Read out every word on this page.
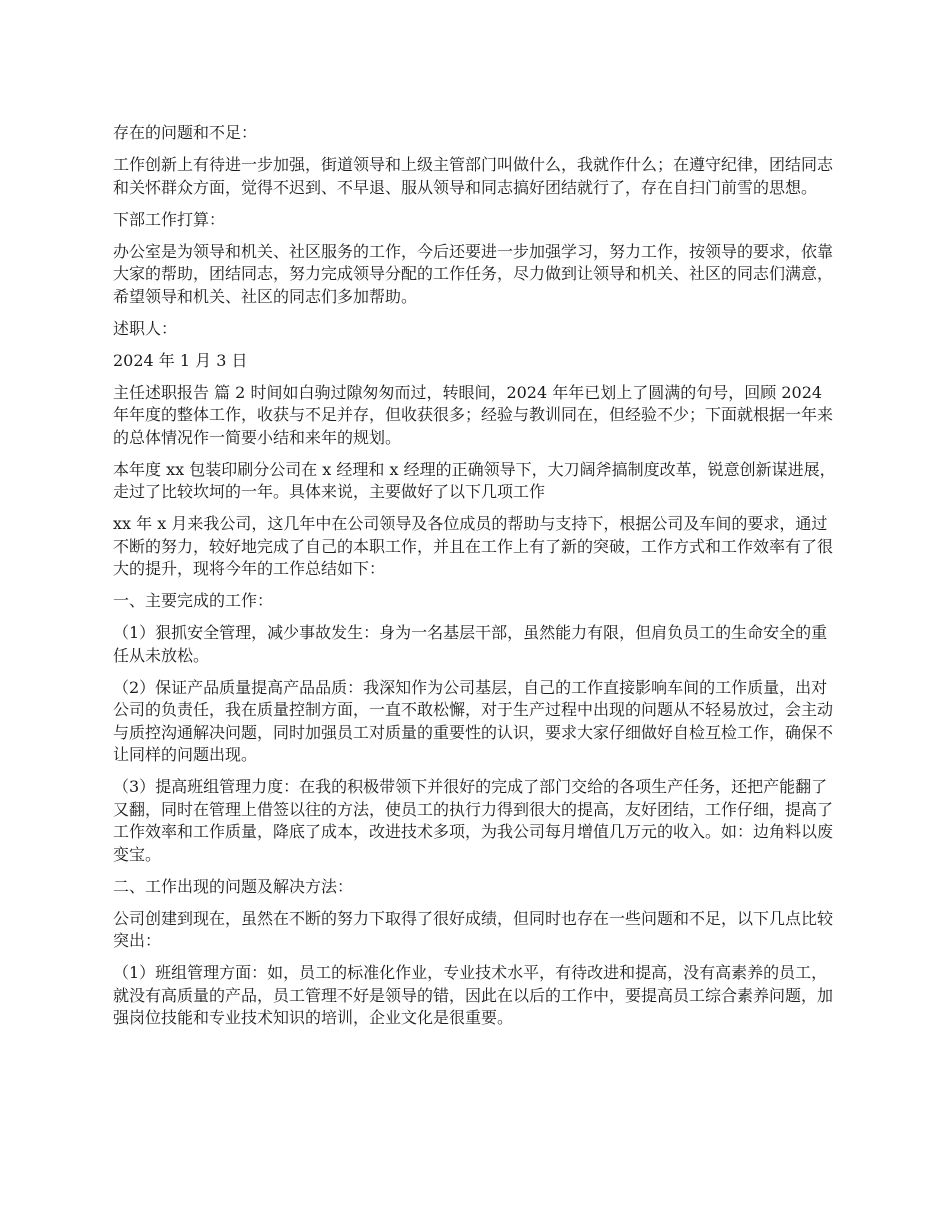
存在的问题和不足：

工作创新上有待进一步加强，街道领导和上级主管部门叫做什么，我就作什么；在遵守纪律，团结同志和关怀群众方面，觉得不迟到、不早退、服从领导和同志搞好团结就行了，存在自扫门前雪的思想。

下部工作打算：

办公室是为领导和机关、社区服务的工作，今后还要进一步加强学习，努力工作，按领导的要求，依靠大家的帮助，团结同志，努力完成领导分配的工作任务，尽力做到让领导和机关、社区的同志们满意，希望领导和机关、社区的同志们多加帮助。

述职人：

2024 年 1 月 3 日

主任述职报告 篇 2 时间如白驹过隙匆匆而过，转眼间，2024 年年已划上了圆满的句号，回顾 2024 年年度的整体工作，收获与不足并存，但收获很多；经验与教训同在，但经验不少；下面就根据一年来的总体情况作一简要小结和来年的规划。

本年度 xx 包装印刷分公司在 x 经理和 x 经理的正确领导下，大刀阔斧搞制度改革，锐意创新谋进展，走过了比较坎坷的一年。具体来说，主要做好了以下几项工作

xx 年 x 月来我公司，这几年中在公司领导及各位成员的帮助与支持下，根据公司及车间的要求，通过不断的努力，较好地完成了自己的本职工作，并且在工作上有了新的突破，工作方式和工作效率有了很大的提升，现将今年的工作总结如下：

一、主要完成的工作：

（1）狠抓安全管理，减少事故发生：身为一名基层干部，虽然能力有限，但肩负员工的生命安全的重任从未放松。

（2）保证产品质量提高产品品质：我深知作为公司基层，自己的工作直接影响车间的工作质量，出对公司的负责任，我在质量控制方面，一直不敢松懈，对于生产过程中出现的问题从不轻易放过，会主动与质控沟通解决问题，同时加强员工对质量的重要性的认识，要求大家仔细做好自检互检工作，确保不让同样的问题出现。

（3）提高班组管理力度：在我的积极带领下并很好的完成了部门交给的各项生产任务，还把产能翻了又翻，同时在管理上借签以往的方法，使员工的执行力得到很大的提高，友好团结，工作仔细，提高了工作效率和工作质量，降底了成本，改进技术多项，为我公司每月增值几万元的收入。如：边角料以废变宝。

二、工作出现的问题及解决方法：

公司创建到现在，虽然在不断的努力下取得了很好成绩，但同时也存在一些问题和不足，以下几点比较突出：

（1）班组管理方面：如，员工的标准化作业，专业技术水平，有待改进和提高，没有高素养的员工，就没有高质量的产品，员工管理不好是领导的错，因此在以后的工作中，要提高员工综合素养问题，加强岗位技能和专业技术知识的培训，企业文化是很重要。
